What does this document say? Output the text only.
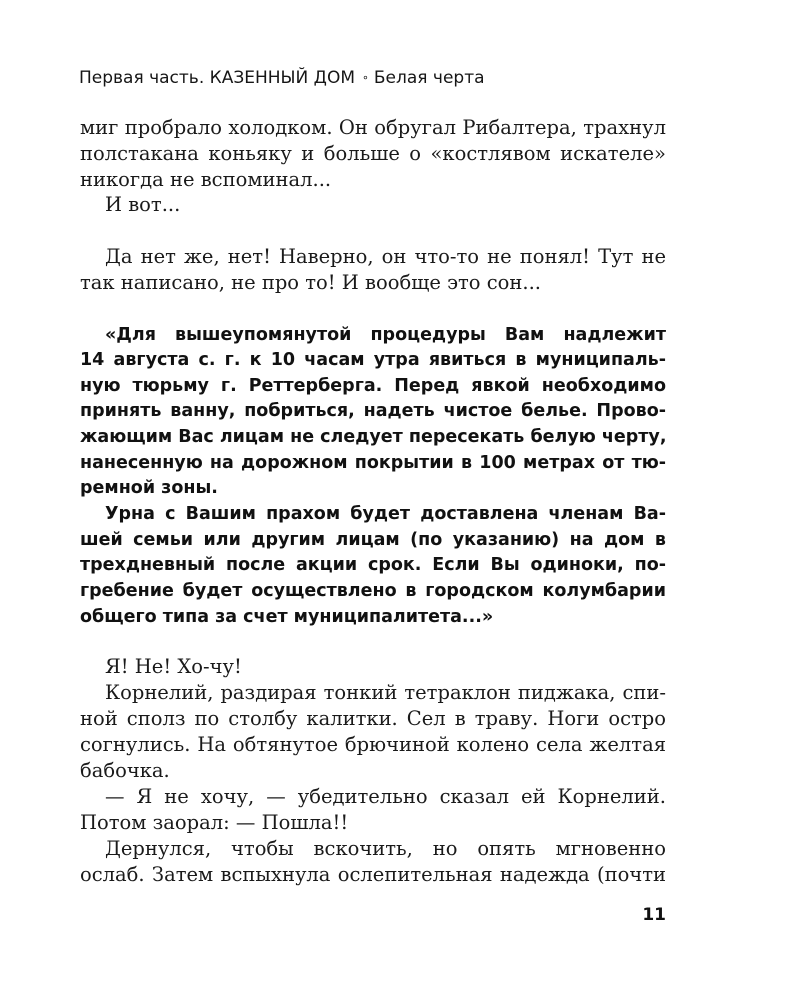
Первая часть. КАЗЕННЫЙ ДОМ ∘ Белая черта

миг пробрало холодком. Он обругал Рибалтера, трахнул

полстакана коньяку и больше о «костлявом искателе»

никогда не вспоминал...

И вот...

Да нет же, нет! Наверно, он что-то не понял! Тут не

так написано, не про то! И вообще это сон...

«Для вышеупомянутой процедуры Вам надлежит

14 августа с. г. к 10 часам утра явиться в муниципаль-

ную тюрьму г. Реттерберга. Перед явкой необходимо

принять ванну, побриться, надеть чистое белье. Прово-

жающим Вас лицам не следует пересекать белую черту,

нанесенную на дорожном покрытии в 100 метрах от тю-

ремной зоны.

Урна с Вашим прахом будет доставлена членам Ва-

шей семьи или другим лицам (по указанию) на дом в

трехдневный после акции срок. Если Вы одиноки, по-

гребение будет осуществлено в городском колумбарии

общего типа за счет муниципалитета...»

Я! Не! Хо-чу!

Корнелий, раздирая тонкий тетраклон пиджака, спи-

ной сполз по столбу калитки. Сел в траву. Ноги остро

согнулись. На обтянутое брючиной колено села желтая

бабочка.

— Я не хочу, — убедительно сказал ей Корнелий.

Потом заорал: — Пошла!!

Дернулся, чтобы вскочить, но опять мгновенно

ослаб. Затем вспыхнула ослепительная надежда (почти

11
